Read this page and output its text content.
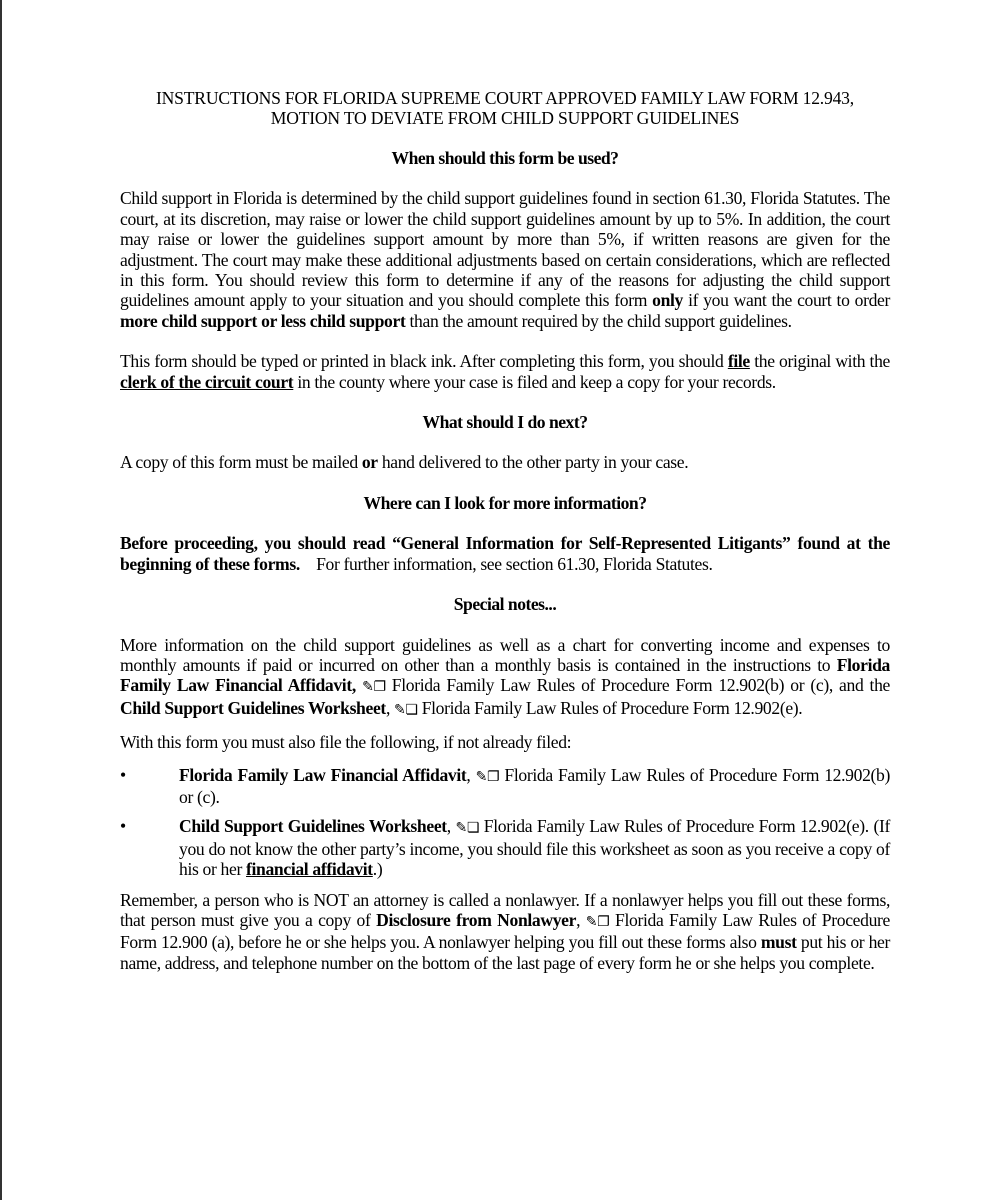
INSTRUCTIONS FOR FLORIDA SUPREME COURT APPROVED FAMILY LAW FORM 12.943,
MOTION TO DEVIATE FROM CHILD SUPPORT GUIDELINES
When should this form be used?
Child support in Florida is determined by the child support guidelines found in section 61.30, Florida Statutes. The court, at its discretion, may raise or lower the child support guidelines amount by up to 5%. In addition, the court may raise or lower the guidelines support amount by more than 5%, if written reasons are given for the adjustment. The court may make these additional adjustments based on certain considerations, which are reflected in this form. You should review this form to determine if any of the reasons for adjusting the child support guidelines amount apply to your situation and you should complete this form only if you want the court to order more child support or less child support than the amount required by the child support guidelines.
This form should be typed or printed in black ink. After completing this form, you should file the original with the clerk of the circuit court in the county where your case is filed and keep a copy for your records.
What should I do next?
A copy of this form must be mailed or hand delivered to the other party in your case.
Where can I look for more information?
Before proceeding, you should read “General Information for Self-Represented Litigants” found at the beginning of these forms.    For further information, see section 61.30, Florida Statutes.
Special notes...
More information on the child support guidelines as well as a chart for converting income and expenses to monthly amounts if paid or incurred on other than a monthly basis is contained in the instructions to Florida Family Law Financial Affidavit, ✎❐ Florida Family Law Rules of Procedure Form 12.902(b) or (c), and the Child Support Guidelines Worksheet, ✎❏ Florida Family Law Rules of Procedure Form 12.902(e).
With this form you must also file the following, if not already filed:
•	Florida Family Law Financial Affidavit, ✎❐ Florida Family Law Rules of Procedure Form 12.902(b) or (c).
•	Child Support Guidelines Worksheet, ✎❏ Florida Family Law Rules of Procedure Form 12.902(e). (If you do not know the other party’s income, you should file this worksheet as soon as you receive a copy of his or her financial affidavit.)
Remember, a person who is NOT an attorney is called a nonlawyer. If a nonlawyer helps you fill out these forms, that person must give you a copy of Disclosure from Nonlawyer, ✎❐ Florida Family Law Rules of Procedure Form 12.900 (a), before he or she helps you. A nonlawyer helping you fill out these forms also must put his or her name, address, and telephone number on the bottom of the last page of every form he or she helps you complete.
